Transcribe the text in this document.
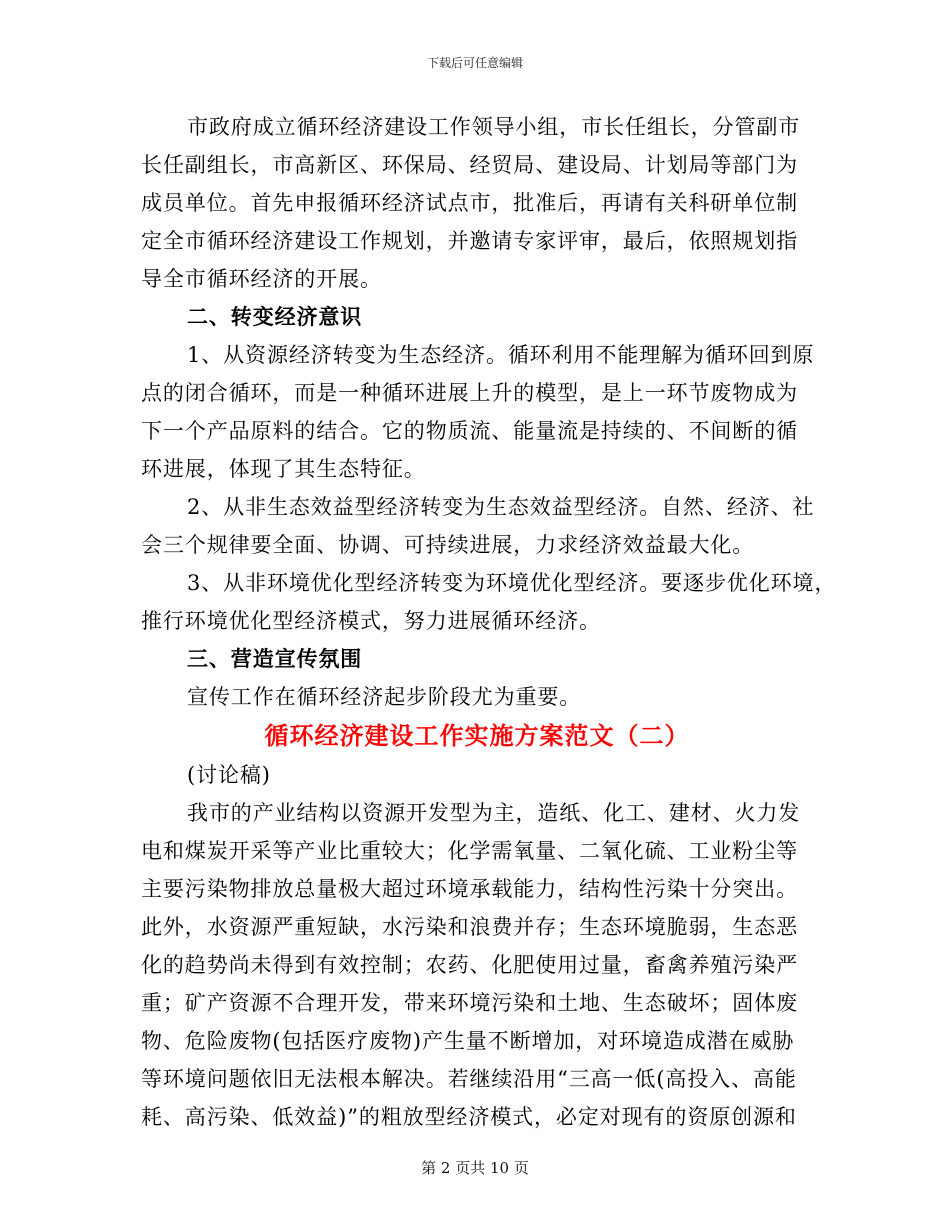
下载后可任意编辑
市政府成立循环经济建设工作领导小组，市长任组长，分管副市
长任副组长，市高新区、环保局、经贸局、建设局、计划局等部门为
成员单位。首先申报循环经济试点市，批准后，再请有关科研单位制
定全市循环经济建设工作规划，并邀请专家评审，最后，依照规划指
导全市循环经济的开展。
二、转变经济意识
1、从资源经济转变为生态经济。循环利用不能理解为循环回到原
点的闭合循环，而是一种循环进展上升的模型，是上一环节废物成为
下一个产品原料的结合。它的物质流、能量流是持续的、不间断的循
环进展，体现了其生态特征。
2、从非生态效益型经济转变为生态效益型经济。自然、经济、社
会三个规律要全面、协调、可持续进展，力求经济效益最大化。
3、从非环境优化型经济转变为环境优化型经济。要逐步优化环境，
推行环境优化型经济模式，努力进展循环经济。
三、营造宣传氛围
宣传工作在循环经济起步阶段尤为重要。
循环经济建设工作实施方案范文（二）
(讨论稿)
我市的产业结构以资源开发型为主，造纸、化工、建材、火力发
电和煤炭开采等产业比重较大；化学需氧量、二氧化硫、工业粉尘等
主要污染物排放总量极大超过环境承载能力，结构性污染十分突出。
此外，水资源严重短缺，水污染和浪费并存；生态环境脆弱，生态恶
化的趋势尚未得到有效控制；农药、化肥使用过量，畜禽养殖污染严
重；矿产资源不合理开发，带来环境污染和土地、生态破坏；固体废
物、危险废物(包括医疗废物)产生量不断增加，对环境造成潜在威胁
等环境问题依旧无法根本解决。若继续沿用“三高一低(高投入、高能
耗、高污染、低效益)”的粗放型经济模式，必定对现有的资原创源和
第 2 页共 10 页
